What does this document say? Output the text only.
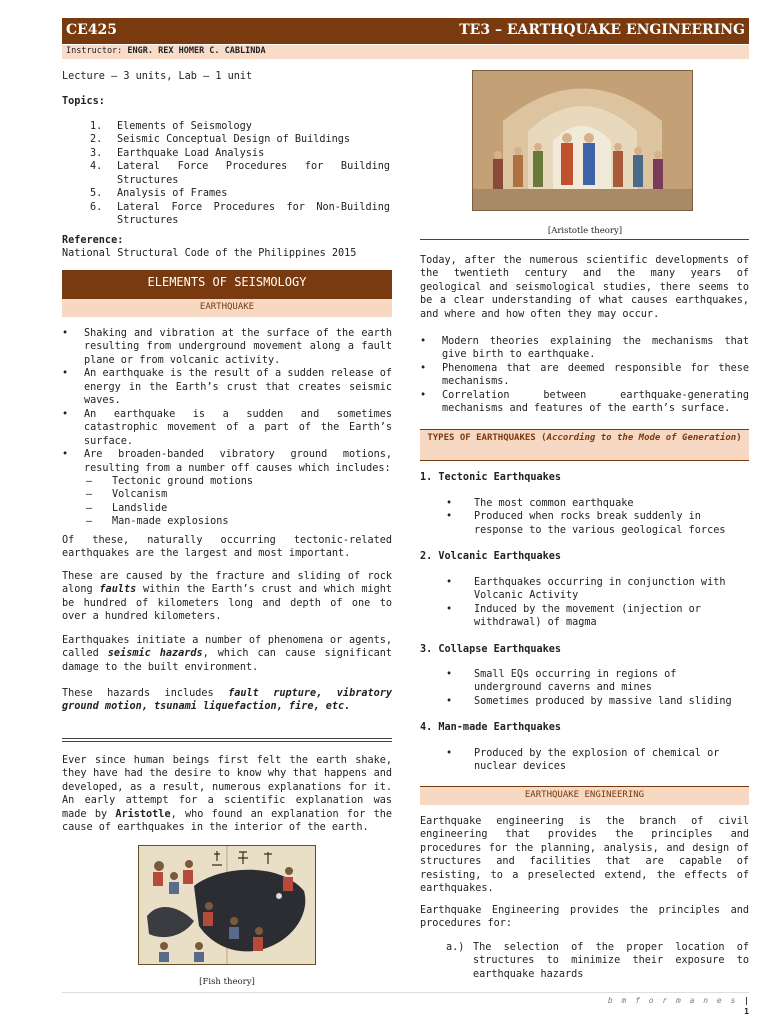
CE425	TE3 – EARTHQUAKE ENGINEERING
Instructor: ENGR. REX HOMER C. CABLINDA
Lecture – 3 units, Lab – 1 unit
Topics:
1.	Elements of Seismology
2.	Seismic Conceptual Design of Buildings
3.	Earthquake Load Analysis
4.	Lateral Force Procedures for Building Structures
5.	Analysis of Frames
6.	Lateral Force Procedures for Non-Building Structures
Reference:
National Structural Code of the Philippines 2015
ELEMENTS OF SEISMOLOGY
EARTHQUAKE
• Shaking and vibration at the surface of the earth resulting from underground movement along a fault plane or from volcanic activity.
• An earthquake is the result of a sudden release of energy in the Earth’s crust that creates seismic waves.
• An earthquake is a sudden and sometimes catastrophic movement of a part of the Earth’s surface.
• Are broaden-banded vibratory ground motions, resulting from a number off causes which includes:
– Tectonic ground motions
– Volcanism
– Landslide
– Man-made explosions
Of these, naturally occurring tectonic-related earthquakes are the largest and most important.
These are caused by the fracture and sliding of rock along faults within the Earth’s crust and which might be hundred of kilometers long and depth of one to over a hundred kilometers.
Earthquakes initiate a number of phenomena or agents, called seismic hazards, which can cause significant damage to the built environment.
These hazards includes fault rupture, vibratory ground motion, tsunami liquefaction, fire, etc.
Ever since human beings first felt the earth shake, they have had the desire to know why that happens and developed, as a result, numerous explanations for it. An early attempt for a scientific explanation was made by Aristotle, who found an explanation for the cause of earthquakes in the interior of the earth.
[Fish theory]
[Aristotle theory]
Today, after the numerous scientific developments of the twentieth century and the many years of geological and seismological studies, there seems to be a clear understanding of what causes earthquakes, and where and how often they may occur.
• Modern theories explaining the mechanisms that give birth to earthquake.
• Phenomena that are deemed responsible for these mechanisms.
• Correlation between earthquake-generating mechanisms and features of the earth’s surface.
TYPES OF EARTHQUAKES (According to the Mode of Generation)
1. Tectonic Earthquakes
• The most common earthquake
• Produced when rocks break suddenly in response to the various geological forces
2. Volcanic Earthquakes
• Earthquakes occurring in conjunction with Volcanic Activity
• Induced by the movement (injection or withdrawal) of magma
3. Collapse Earthquakes
• Small EQs occurring in regions of underground caverns and mines
• Sometimes produced by massive land sliding
4. Man-made Earthquakes
• Produced by the explosion of chemical or nuclear devices
EARTHQUAKE ENGINEERING
Earthquake engineering is the branch of civil engineering that provides the principles and procedures for the planning, analysis, and design of structures and facilities that are capable of resisting, to a preselected extend, the effects of earthquakes.
Earthquake Engineering provides the principles and procedures for:
a.) The selection of the proper location of structures to minimize their exposure to earthquake hazards
b m f o r m a n e s | 1
